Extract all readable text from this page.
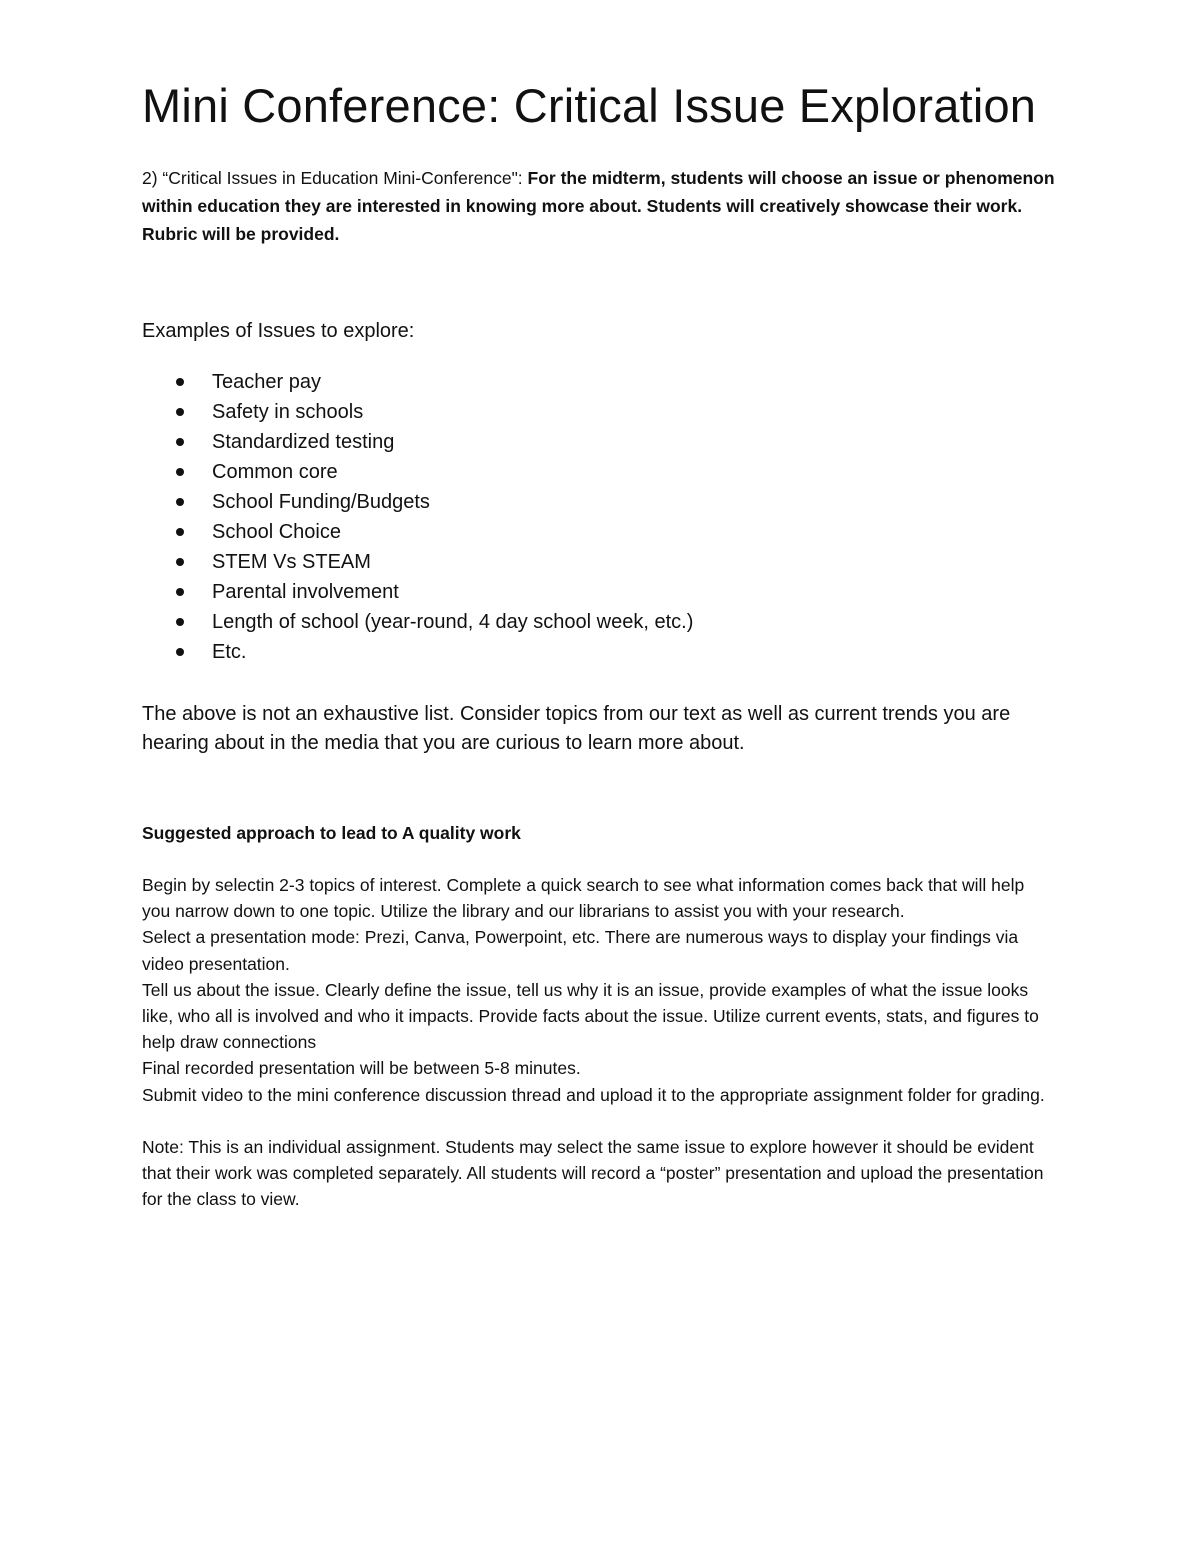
Mini Conference: Critical Issue Exploration

2) “Critical Issues in Education Mini-Conference": For the midterm, students will choose an issue or phenomenon within education they are interested in knowing more about. Students will creatively showcase their work. Rubric will be provided.

Examples of Issues to explore:

Teacher pay
Safety in schools
Standardized testing
Common core
School Funding/Budgets
School Choice
STEM Vs STEAM
Parental involvement
Length of school (year-round, 4 day school week, etc.)
Etc.

The above is not an exhaustive list. Consider topics from our text as well as current trends you are hearing about in the media that you are curious to learn more about.

Suggested approach to lead to A quality work

Begin by selectin 2-3 topics of interest. Complete a quick search to see what information comes back that will help you narrow down to one topic. Utilize the library and our librarians to assist you with your research.

Select a presentation mode: Prezi, Canva, Powerpoint, etc. There are numerous ways to display your findings via video presentation.

Tell us about the issue. Clearly define the issue, tell us why it is an issue, provide examples of what the issue looks like, who all is involved and who it impacts. Provide facts about the issue. Utilize current events, stats, and figures to help draw connections

Final recorded presentation will be between 5-8 minutes.

Submit video to the mini conference discussion thread and upload it to the appropriate assignment folder for grading.

Note: This is an individual assignment. Students may select the same issue to explore however it should be evident that their work was completed separately. All students will record a “poster” presentation and upload the presentation for the class to view.
